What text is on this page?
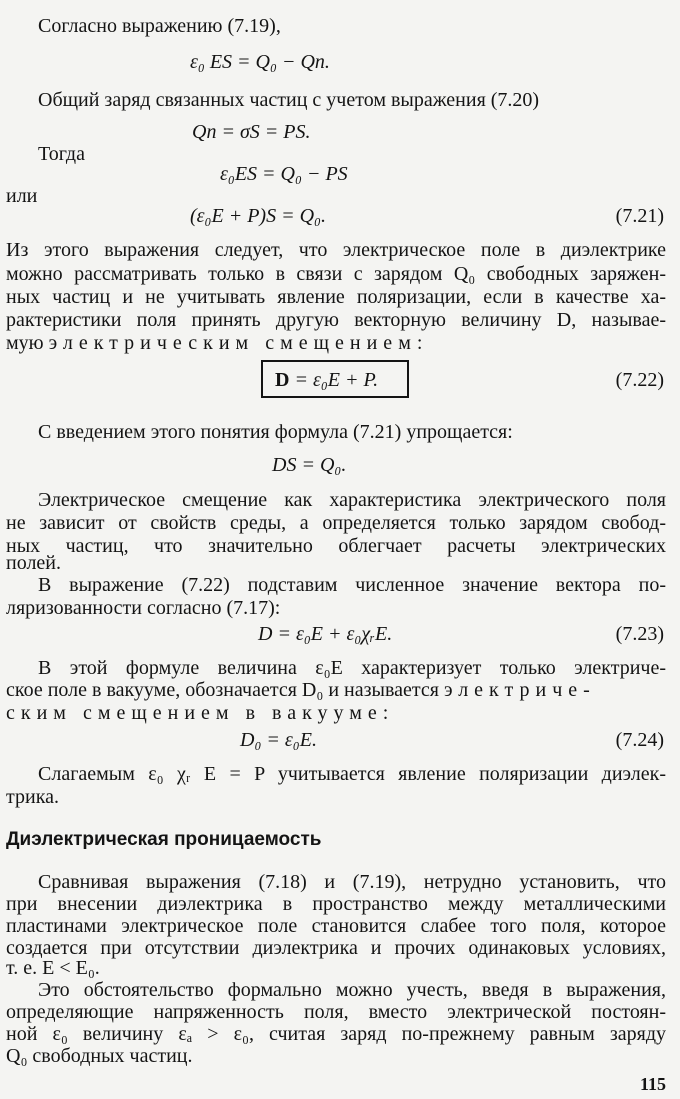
Согласно выражению (7.19),

ε₀ ES = Q₀ − Qп.

Общий заряд связанных частиц с учетом выражения (7.20)

Qп = σS = PS.

Тогда

ε₀ES = Q₀ − PS

или

(ε₀E + P)S = Q₀.	(7.21)

Из этого выражения следует, что электрическое поле в диэлектрике

можно рассматривать только в связи с зарядом Q₀ свободных заряжен-

ных частиц и не учитывать явление поляризации, если в качестве ха-

рактеристики поля принять другую векторную величину D, называе-

мую электрическим смещением:

D = ε₀E + P.	(7.22)

С введением этого понятия формула (7.21) упрощается:

DS = Q₀.

Электрическое смещение как характеристика электрического поля

не зависит от свойств среды, а определяется только зарядом свобод-

ных частиц, что значительно облегчает расчеты электрических

полей.

В выражение (7.22) подставим численное значение вектора по-

ляризованности согласно (7.17):

D = ε₀E + ε₀χᵣE.	(7.23)

В этой формуле величина ε₀E характеризует только электриче-

ское поле в вакууме, обозначается D₀ и называется электриче-

ским смещением в вакууме:

D₀ = ε₀E.	(7.24)

Слагаемым ε₀ χᵣ E = P учитывается явление поляризации диэлек-

трика.

Диэлектрическая проницаемость

Сравнивая выражения (7.18) и (7.19), нетрудно установить, что

при внесении диэлектрика в пространство между металлическими

пластинами электрическое поле становится слабее того поля, которое

создается при отсутствии диэлектрика и прочих одинаковых условиях,

т. е. E < E₀.

Это обстоятельство формально можно учесть, введя в выражения,

определяющие напряженность поля, вместо электрической постоян-

ной ε₀ величину εₐ > ε₀, считая заряд по-прежнему равным заряду

Q₀ свободных частиц.

115
